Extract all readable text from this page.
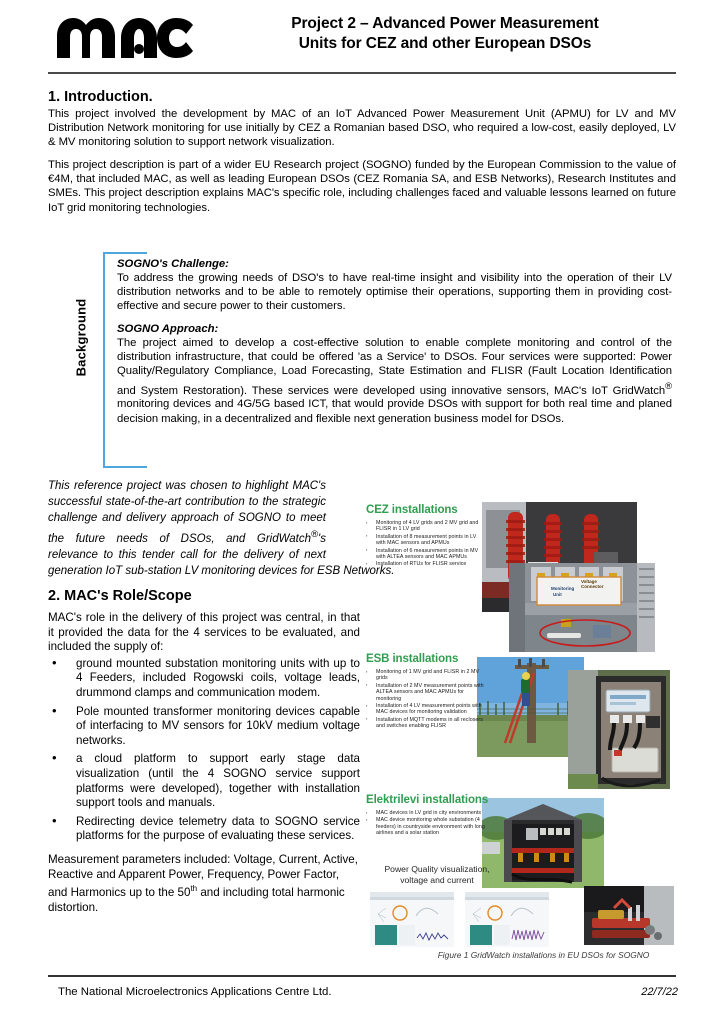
Project 2 – Advanced Power Measurement
Units for CEZ and other European DSOs
1. Introduction.

This project involved the development by MAC of an IoT Advanced Power Measurement Unit (APMU) for LV and MV Distribution Network monitoring for use initially by CEZ a Romanian based DSO, who required a low-cost, easily deployed, LV & MV monitoring solution to support network visualization.

This project description is part of a wider EU Research project (SOGNO) funded by the European Commission to the value of €4M, that included MAC, as well as leading European DSOs (CEZ Romania SA, and ESB Networks), Research Institutes and SMEs. This project description explains MAC's specific role, including challenges faced and valuable lessons learned on future IoT grid monitoring technologies.

Background
SOGNO's Challenge:
To address the growing needs of DSO's to have real-time insight and visibility into the operation of their LV distribution networks and to be able to remotely optimise their operations, supporting them in providing cost-effective and secure power to their customers.
SOGNO Approach:
The project aimed to develop a cost-effective solution to enable complete monitoring and control of the distribution infrastructure, that could be offered 'as a Service' to DSOs. Four services were supported: Power Quality/Regulatory Compliance, Load Forecasting, State Estimation and FLISR (Fault Location Identification and System Restoration). These services were developed using innovative sensors, MAC's IoT GridWatch® monitoring devices and 4G/5G based ICT, that would provide DSOs with support for both real time and planed decision making, in a decentralized and flexible next generation business model for DSOs.
This reference project was chosen to highlight MAC's successful state-of-the-art contribution to the strategic challenge and delivery approach of SOGNO to meet the future needs of DSOs, and GridWatch®'s relevance to this tender call for the delivery of next generation IoT sub-station LV monitoring devices for ESB Networks.
2. MAC's Role/Scope

MAC's role in the delivery of this project was central, in that it provided the data for the 4 services to be evaluated, and included the supply of:

• ground mounted substation monitoring units with up to 4 Feeders, included Rogowski coils, voltage leads, drummond clamps and communication modem.
• Pole mounted transformer monitoring devices capable of interfacing to MV sensors for 10kV medium voltage networks.
• a cloud platform to support early stage data visualization (until the 4 SOGNO service support platforms were developed), together with installation support tools and manuals.
• Redirecting device telemetry data to SOGNO service platforms for the purpose of evaluating these services.
Measurement parameters included: Voltage, Current, Active, Reactive and Apparent Power, Frequency, Power Factor, and Harmonics up to the 50th and including total harmonic distortion.
Monitoring
Unit
Voltage
Connector
CEZ installations
▪ Monitoring of 4 LV grids and 2 MV grid and FLISR in 1 LV grid
▪ Installation of 8 measurement points in LV with MAC sensors and APMUs
▪ Installation of 6 measurement points in MV with ALTEA sensors and MAC APMUs
▪ Installation of RTUs for FLISR service
ESB installations
▪ Monitoring of 1 MV grid and FLISR in 2 MV grids
▪ Installation of 2 MV measurement points with ALTEA sensors and MAC APMUs for monitoring
▪ Installation of 4 LV measurement points with MAC devices for monitoring validation
▪ Installation of MQTT modems in all reclosers and switches enabling FLISR
Elektrilevi installations
▪ MAC devices in LV grid in city environments
▪ MAC device monitoring whole substation (4 feeders) in countryside environment with long airlines and a solar station
Power Quality visualization,
voltage and current
Figure 1 GridWatch installations in EU DSOs for SOGNO
22/7/22
The National Microelectronics Applications Centre Ltd.
